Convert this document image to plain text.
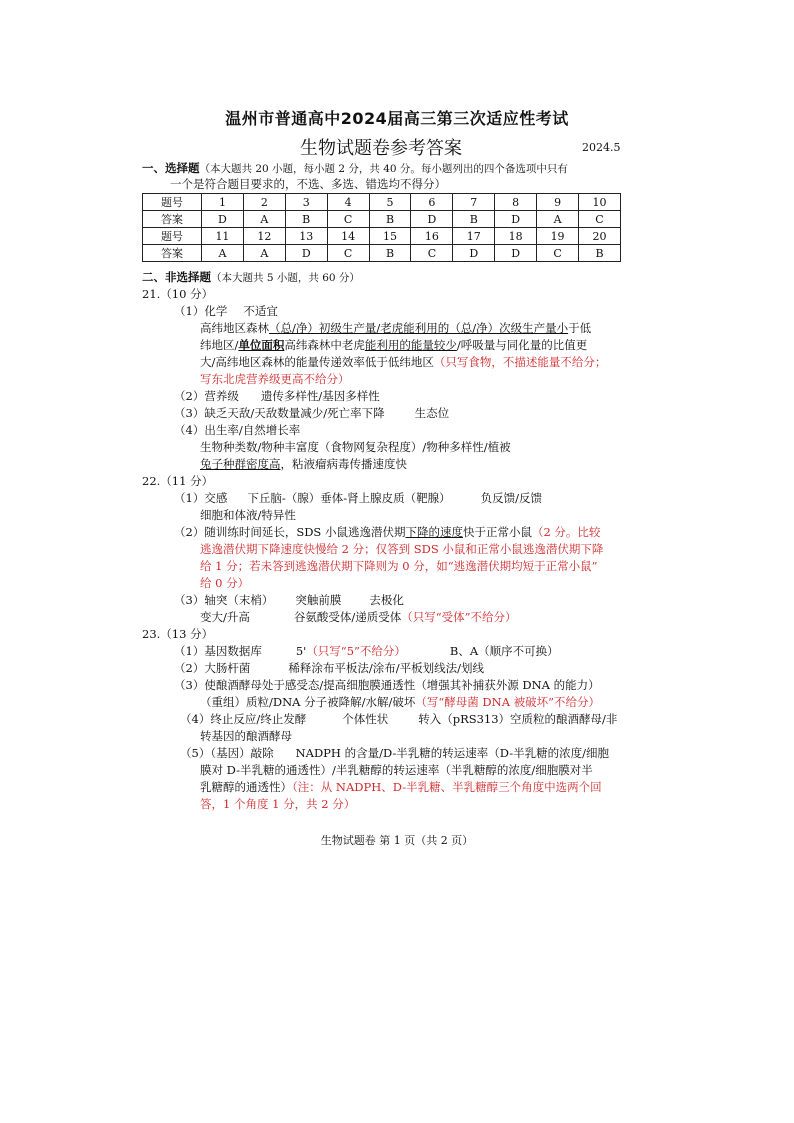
温州市普通高中2024届高三第三次适应性考试
生物试题卷参考答案	2024.5
一、选择题（本大题共 20 小题，每小题 2 分，共 40 分。每小题列出的四个备选项中只有
一个是符合题目要求的，不选、多选、错选均不得分）
题号	1	2	3	4	5	6	7	8	9	10
答案	D	A	B	C	B	D	B	D	A	C
题号	11	12	13	14	15	16	17	18	19	20
答案	A	A	D	C	B	C	D	D	C	B
二、非选择题（本大题共 5 小题，共 60 分）
21.（10 分）
（1）化学 不适宜
高纬地区森林（总/净）初级生产量/老虎能利用的（总/净）次级生产量小于低
纬地区/单位面积高纬森林中老虎能利用的能量较少/呼吸量与同化量的比值更
大/高纬地区森林的能量传递效率低于低纬地区（只写食物，不描述能量不给分；
写东北虎营养级更高不给分）
（2）营养级 遗传多样性/基因多样性
（3）缺乏天敌/天敌数量减少/死亡率下降	生态位
（4）出生率/自然增长率
生物种类数/物种丰富度（食物网复杂程度）/物种多样性/植被
兔子种群密度高，粘液瘤病毒传播速度快
22.（11 分）
（1）交感 下丘脑-（腺）垂体-肾上腺皮质（靶腺）	负反馈/反馈
细胞和体液/特异性
（2）随训练时间延长，SDS 小鼠逃逸潜伏期下降的速度快于正常小鼠（2 分。比较
逃逸潜伏期下降速度快慢给 2 分；仅答到 SDS 小鼠和正常小鼠逃逸潜伏期下降
给 1 分；若未答到逃逸潜伏期下降则为 0 分，如“逃逸潜伏期均短于正常小鼠”
给 0 分）
（3）轴突（末梢） 突触前膜 去极化
变大/升高	谷氨酸受体/递质受体（只写“受体”不给分）
23.（13 分）
（1）基因数据库	5'（只写“5”不给分）	B、A（顺序不可换）
（2）大肠杆菌	稀释涂布平板法/涂布/平板划线法/划线
（3）使酿酒酵母处于感受态/提高细胞膜通透性（增强其补捕获外源 DNA 的能力）
（重组）质粒/DNA 分子被降解/水解/破坏（写“酵母菌 DNA 被破坏”不给分）
（4）终止反应/终止发酵	个体性状	转入（pRS313）空质粒的酿酒酵母/非
转基因的酿酒酵母
（5）（基因）敲除 NADPH 的含量/D-半乳糖的转运速率（D-半乳糖的浓度/细胞
膜对 D-半乳糖的通透性）/半乳糖醇的转运速率（半乳糖醇的浓度/细胞膜对半
乳糖醇的通透性）（注：从 NADPH、D-半乳糖、半乳糖醇三个角度中选两个回
答，1 个角度 1 分，共 2 分）
生物试题卷 第 1 页（共 2 页）
